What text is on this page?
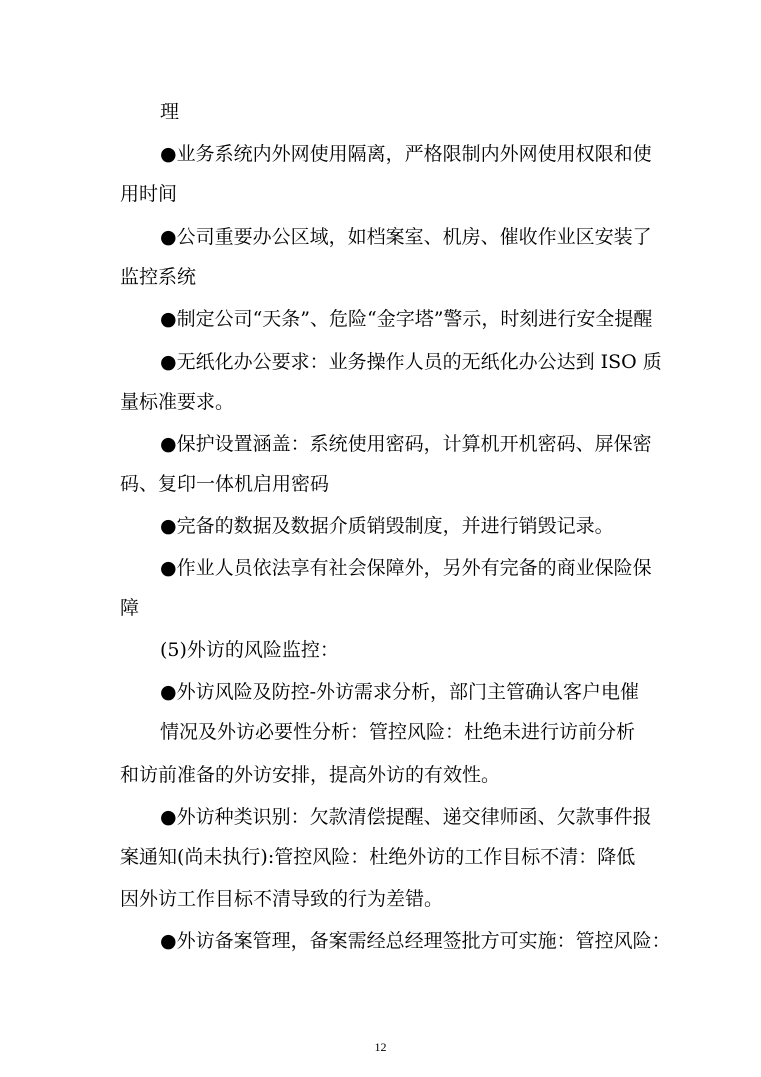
理

●业务系统内外网使用隔离，严格限制内外网使用权限和使

用时间

●公司重要办公区域，如档案室、机房、催收作业区安装了

监控系统

●制定公司“天条”、危险“金字塔”警示，时刻进行安全提醒

●无纸化办公要求：业务操作人员的无纸化办公达到 ISO 质

量标准要求。

●保护设置涵盖：系统使用密码，计算机开机密码、屏保密

码、复印一体机启用密码

●完备的数据及数据介质销毁制度，并进行销毁记录。

●作业人员依法享有社会保障外，另外有完备的商业保险保

障

(5)外访的风险监控：

●外访风险及防控-外访需求分析，部门主管确认客户电催

情况及外访必要性分析：管控风险：杜绝未进行访前分析

和访前准备的外访安排，提高外访的有效性。

●外访种类识别：欠款清偿提醒、递交律师函、欠款事件报

案通知(尚未执行):管控风险：杜绝外访的工作目标不清：降低

因外访工作目标不清导致的行为差错。

●外访备案管理，备案需经总经理签批方可实施：管控风险：

12
